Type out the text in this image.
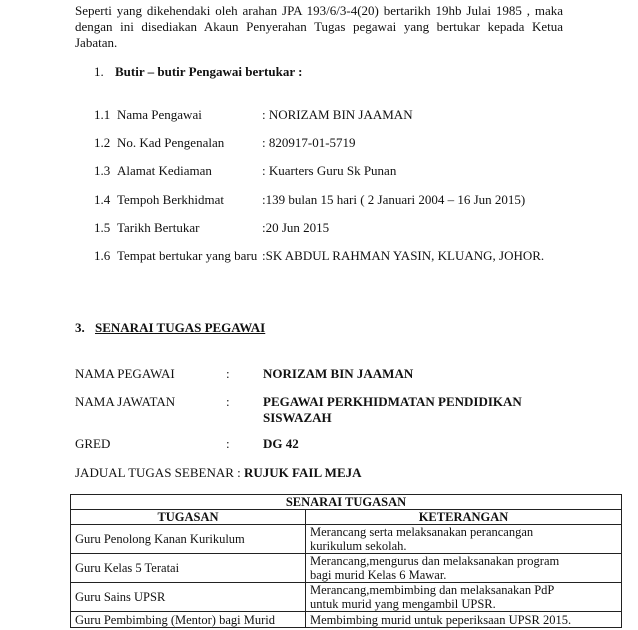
Seperti yang dikehendaki oleh arahan JPA 193/6/3-4(20) bertarikh 19hb Julai 1985 , maka
dengan ini disediakan Akaun Penyerahan Tugas pegawai yang bertukar kepada Ketua Jabatan.
1. Butir – butir Pengawai bertukar :
1.1 Nama Pengawai	: NORIZAM BIN JAAMAN
1.2 No. Kad Pengenalan	: 820917-01-5719
1.3 Alamat Kediaman	: Kuarters Guru Sk Punan
1.4 Tempoh Berkhidmat	:139 bulan 15 hari ( 2 Januari 2004 – 16 Jun 2015)
1.5 Tarikh Bertukar	:20 Jun 2015
1.6 Tempat bertukar yang baru :SK ABDUL RAHMAN YASIN, KLUANG, JOHOR.
3. SENARAI TUGAS PEGAWAI
NAMA PEGAWAI	:	NORIZAM BIN JAAMAN
NAMA JAWATAN	:	PEGAWAI PERKHIDMATAN PENDIDIKAN
SISWAZAH
GRED	:	DG 42
JADUAL TUGAS SEBENAR : RUJUK FAIL MEJA
SENARAI TUGASAN	
TUGASAN	KETERANGAN
Guru Penolong Kanan Kurikulum	Merancang serta melaksanakan perancangan
kurikulum sekolah.

Guru Kelas 5 Teratai	Merancang,mengurus dan melaksanakan program
bagi murid Kelas 6 Mawar.

Guru Sains UPSR	Merancang,membimbing dan melaksanakan PdP
untuk murid yang mengambil UPSR.

Guru Pembimbing (Mentor) bagi Murid	Membimbing murid untuk peperiksaan UPSR 2015.
